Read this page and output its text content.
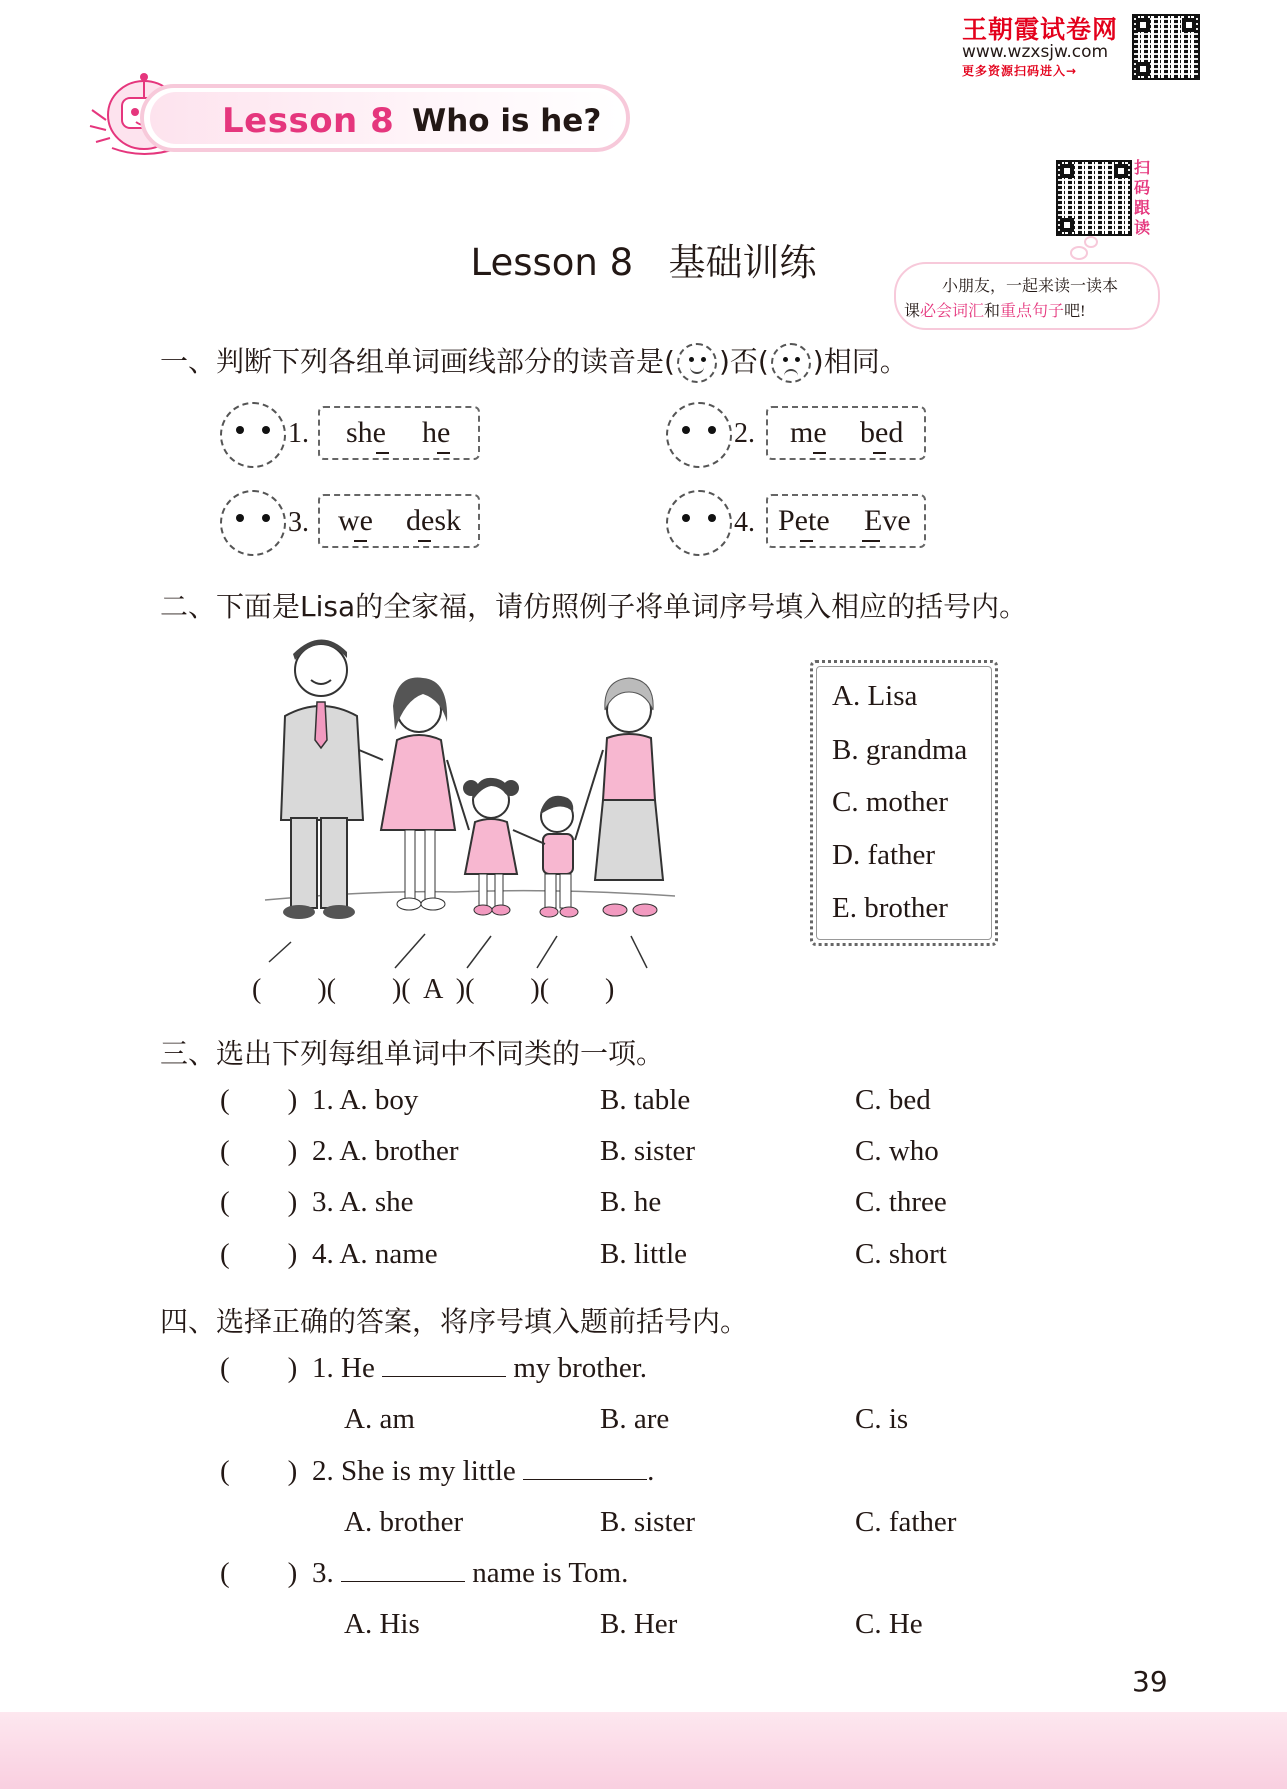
王朝霞试卷网
www.wzxsjw.com
更多资源扫码进入→
Lesson 8 Who is he?
扫码跟读
Lesson 8   基础训练
小朋友，一起来读一读本
课必会词汇和重点句子吧!
一、判断下列各组单词画线部分的读音是( )否( )相同。
1. she he	2. me bed
3. we desk	4. Pete Eve
二、下面是Lisa的全家福，请仿照例子将单词序号填入相应的括号内。
(        )(        )(  A  )(        )(        )
A. Lisa
B. grandma
C. mother
D. father
E. brother
三、选出下列每组单词中不同类的一项。
(        ) 1. A. boy	B. table	C. bed
(        ) 2. A. brother	B. sister	C. who
(        ) 3. A. she	B. he	C. three
(        ) 4. A. name	B. little	C. short
四、选择正确的答案，将序号填入题前括号内。
(        ) 1. He	my brother.
A. am	B. are	C. is
(        ) 2. She is my little	.
A. brother	B. sister	C. father
(        ) 3.	name is Tom.
A. His	B. Her	C. He
39
